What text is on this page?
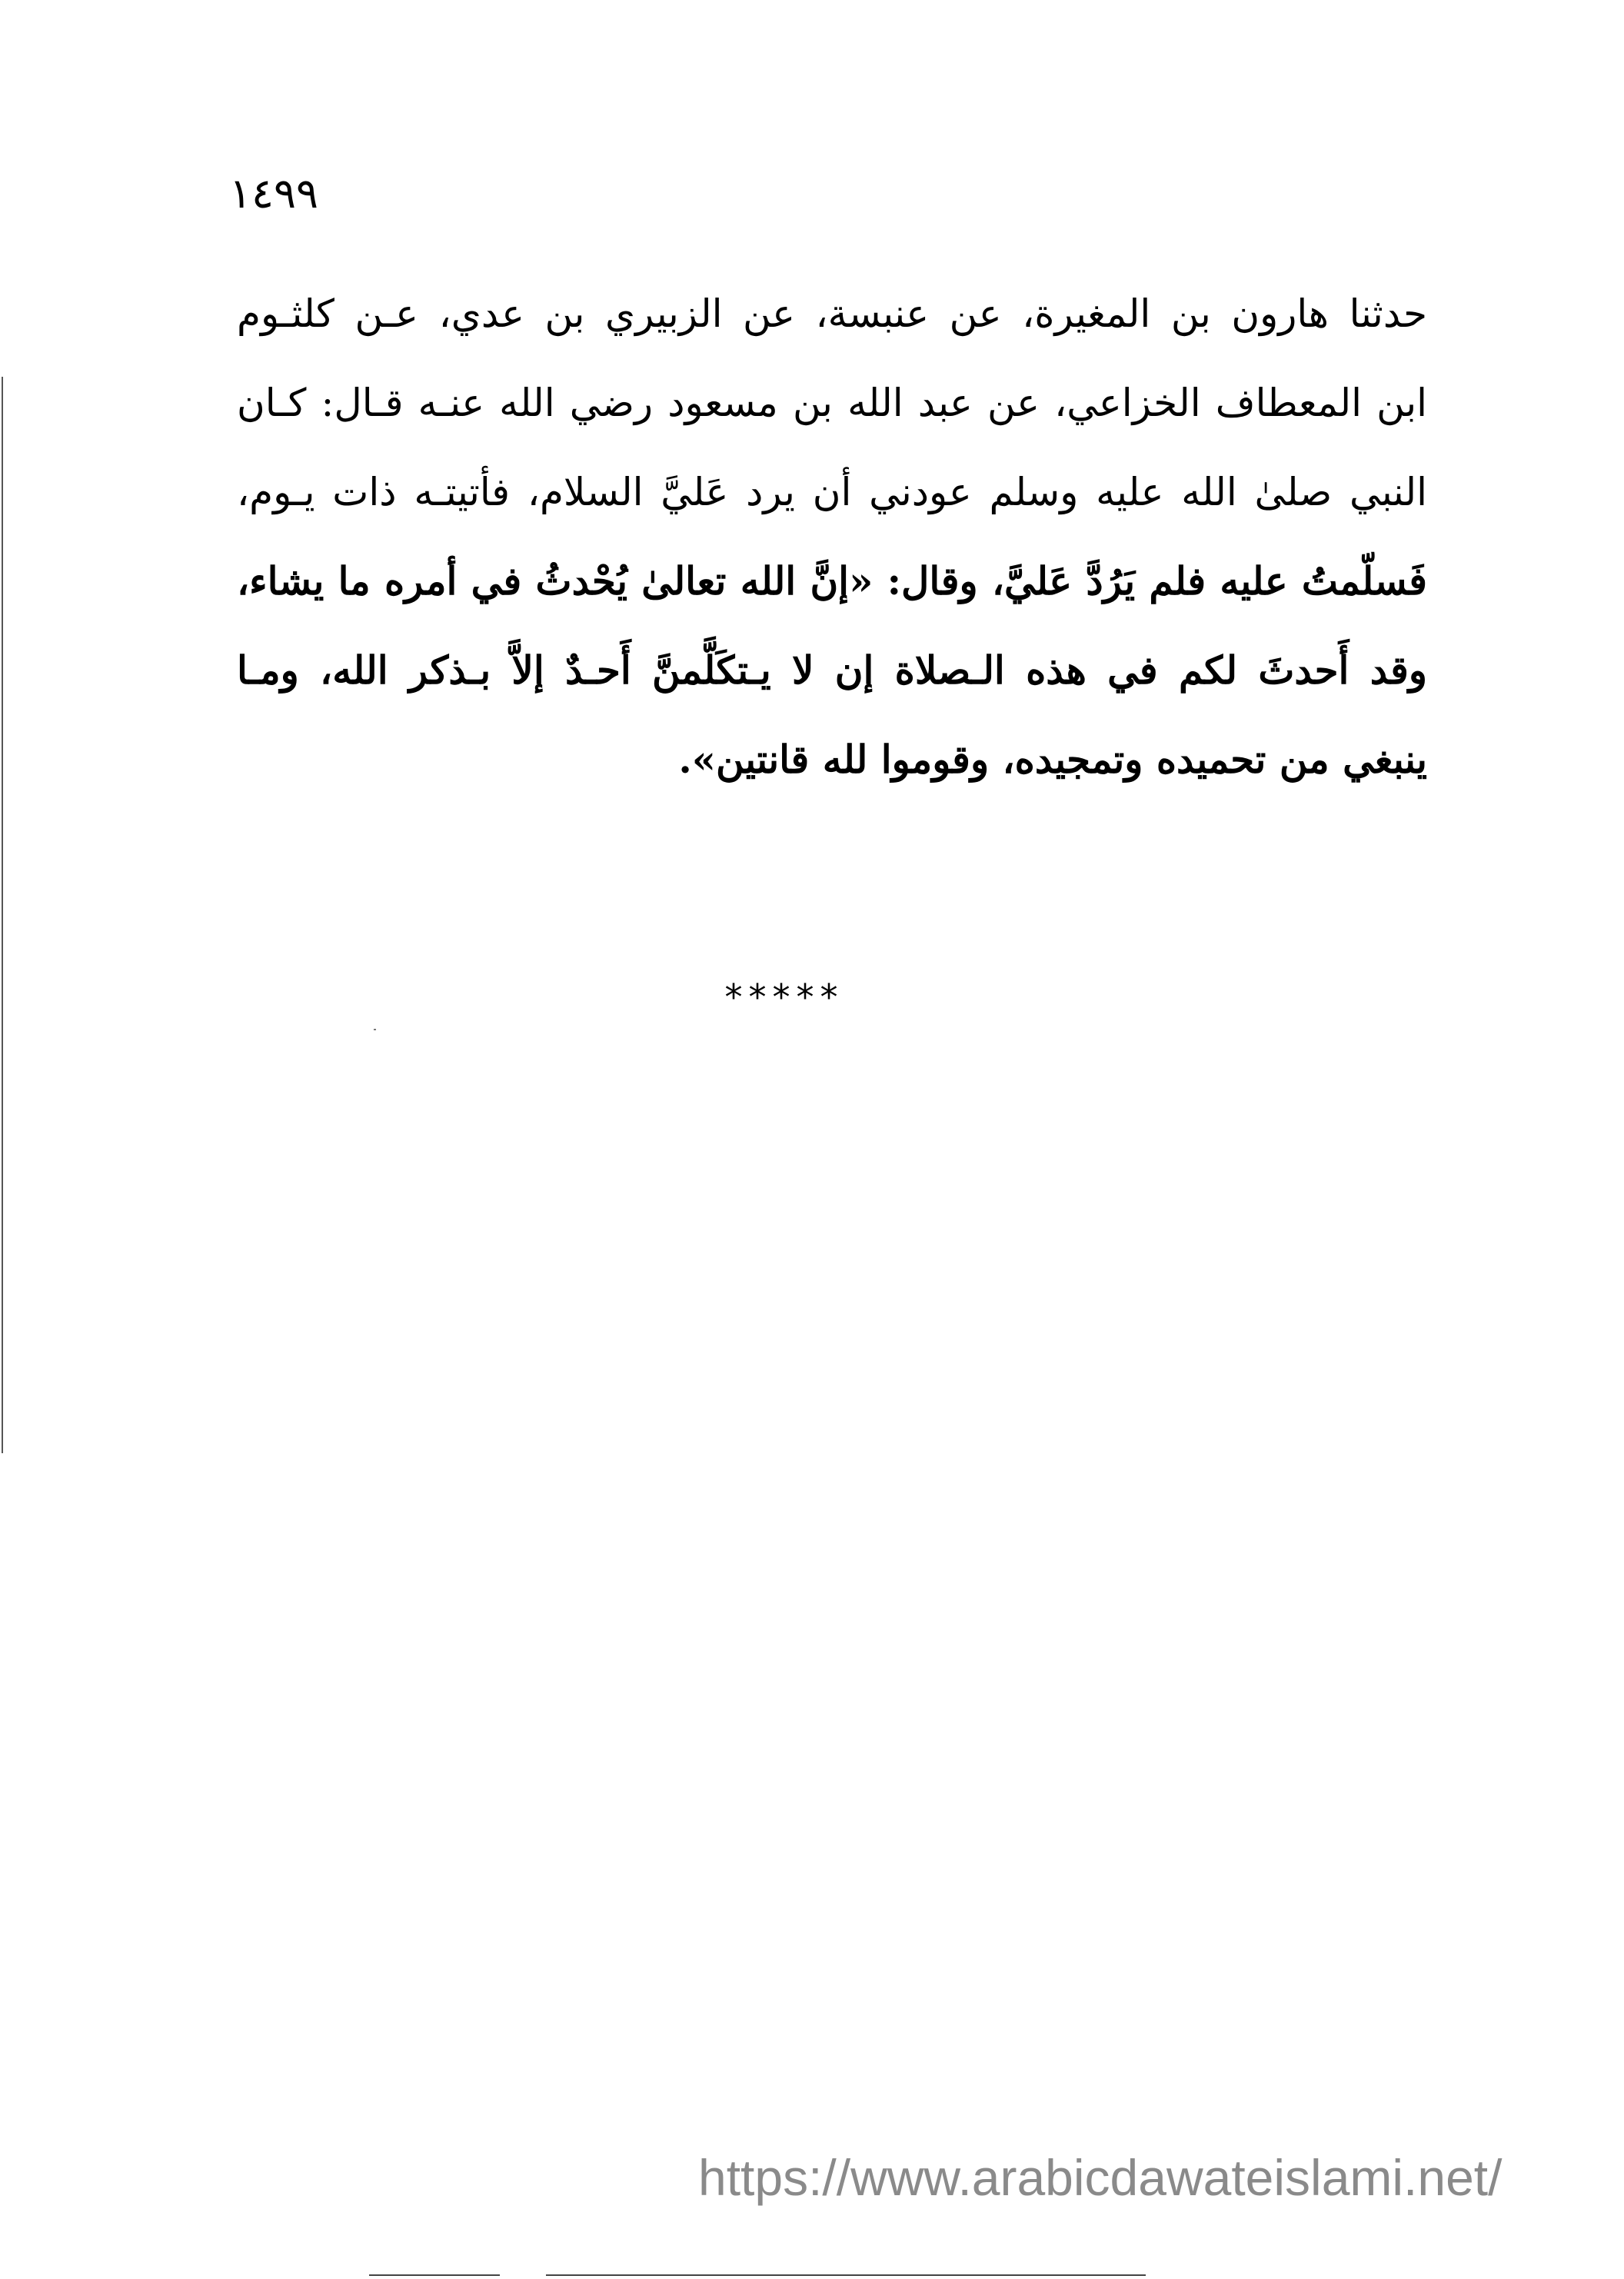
١٤٩٩
حدثنا هارون بن المغيرة، عن عنبسة، عن الزبيري بن عدي، عـن كلثـوم
ابن المعطاف الخزاعي، عن عبد الله بن مسعود رضي الله عنـه قـال: كـان
النبي صلىٰ الله عليه وسلم عودني أن يرد عَليَّ السلام، فأتيتـه ذات يـوم،
فَسلّمتُ عليه فلم يَرُدَّ عَليَّ، وقال: «إنَّ الله تعالىٰ يُحْدثُ في أمره ما يشاء،
وقد أَحدثَ لكم في هذه الـصلاة إن لا يـتكَلَّمنَّ أَحـدٌ إلاَّ بـذكر الله، ومـا
ينبغي من تحميده وتمجيده، وقوموا لله قانتين».
*****
https://www.arabicdawateislami.net/
